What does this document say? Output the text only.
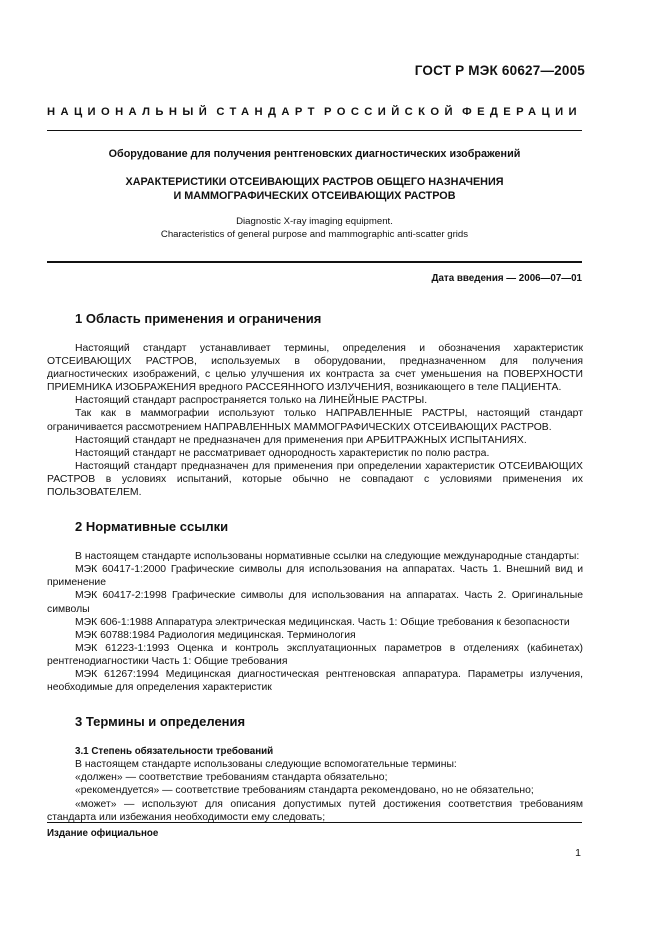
ГОСТ Р МЭК 60627—2005
НАЦИОНАЛЬНЫЙ СТАНДАРТ РОССИЙСКОЙ ФЕДЕРАЦИИ
Оборудование для получения рентгеновских диагностических изображений
ХАРАКТЕРИСТИКИ ОТСЕИВАЮЩИХ РАСТРОВ ОБЩЕГО НАЗНАЧЕНИЯ
И МАММОГРАФИЧЕСКИХ ОТСЕИВАЮЩИХ РАСТРОВ
Diagnostic X-ray imaging equipment.
Characteristics of general purpose and mammographic anti-scatter grids
Дата введения — 2006—07—01
1 Область применения и ограничения

Настоящий стандарт устанавливает термины, определения и обозначения характеристик ОТСЕИВАЮЩИХ РАСТРОВ, используемых в оборудовании, предназначенном для получения диагностических изображений, с целью улучшения их контраста за счет уменьшения на ПОВЕРХНОСТИ ПРИЕМНИКА ИЗОБРАЖЕНИЯ вредного РАССЕЯННОГО ИЗЛУЧЕНИЯ, возникающего в теле ПАЦИЕНТА.

Настоящий стандарт распространяется только на ЛИНЕЙНЫЕ РАСТРЫ.

Так как в маммографии используют только НАПРАВЛЕННЫЕ РАСТРЫ, настоящий стандарт ограничивается рассмотрением НАПРАВЛЕННЫХ МАММОГРАФИЧЕСКИХ ОТСЕИВАЮЩИХ РАСТРОВ.

Настоящий стандарт не предназначен для применения при АРБИТРАЖНЫХ ИСПЫТАНИЯХ.

Настоящий стандарт не рассматривает однородность характеристик по полю растра.

Настоящий стандарт предназначен для применения при определении характеристик ОТСЕИВАЮЩИХ РАСТРОВ в условиях испытаний, которые обычно не совпадают с условиями применения их ПОЛЬЗОВАТЕЛЕМ.

2 Нормативные ссылки

В настоящем стандарте использованы нормативные ссылки на следующие международные стандарты:

МЭК 60417-1:2000 Графические символы для использования на аппаратах. Часть 1. Внешний вид и применение

МЭК 60417-2:1998 Графические символы для использования на аппаратах. Часть 2. Оригинальные символы

МЭК 606-1:1988 Аппаратура электрическая медицинская. Часть 1: Общие требования к безопасности

МЭК 60788:1984 Радиология медицинская. Терминология

МЭК 61223-1:1993 Оценка и контроль эксплуатационных параметров в отделениях (кабинетах) рентгенодиагностики Часть 1: Общие требования

МЭК 61267:1994 Медицинская диагностическая рентгеновская аппаратура. Параметры излучения, необходимые для определения характеристик

3 Термины и определения
3.1 Степень обязательности требований

В настоящем стандарте использованы следующие вспомогательные термины:

«должен» — соответствие требованиям стандарта обязательно;

«рекомендуется» — соответствие требованиям стандарта рекомендовано, но не обязательно;

«может» — используют для описания допустимых путей достижения соответствия требованиям стандарта или избежания необходимости ему следовать;

Издание официальное
1
